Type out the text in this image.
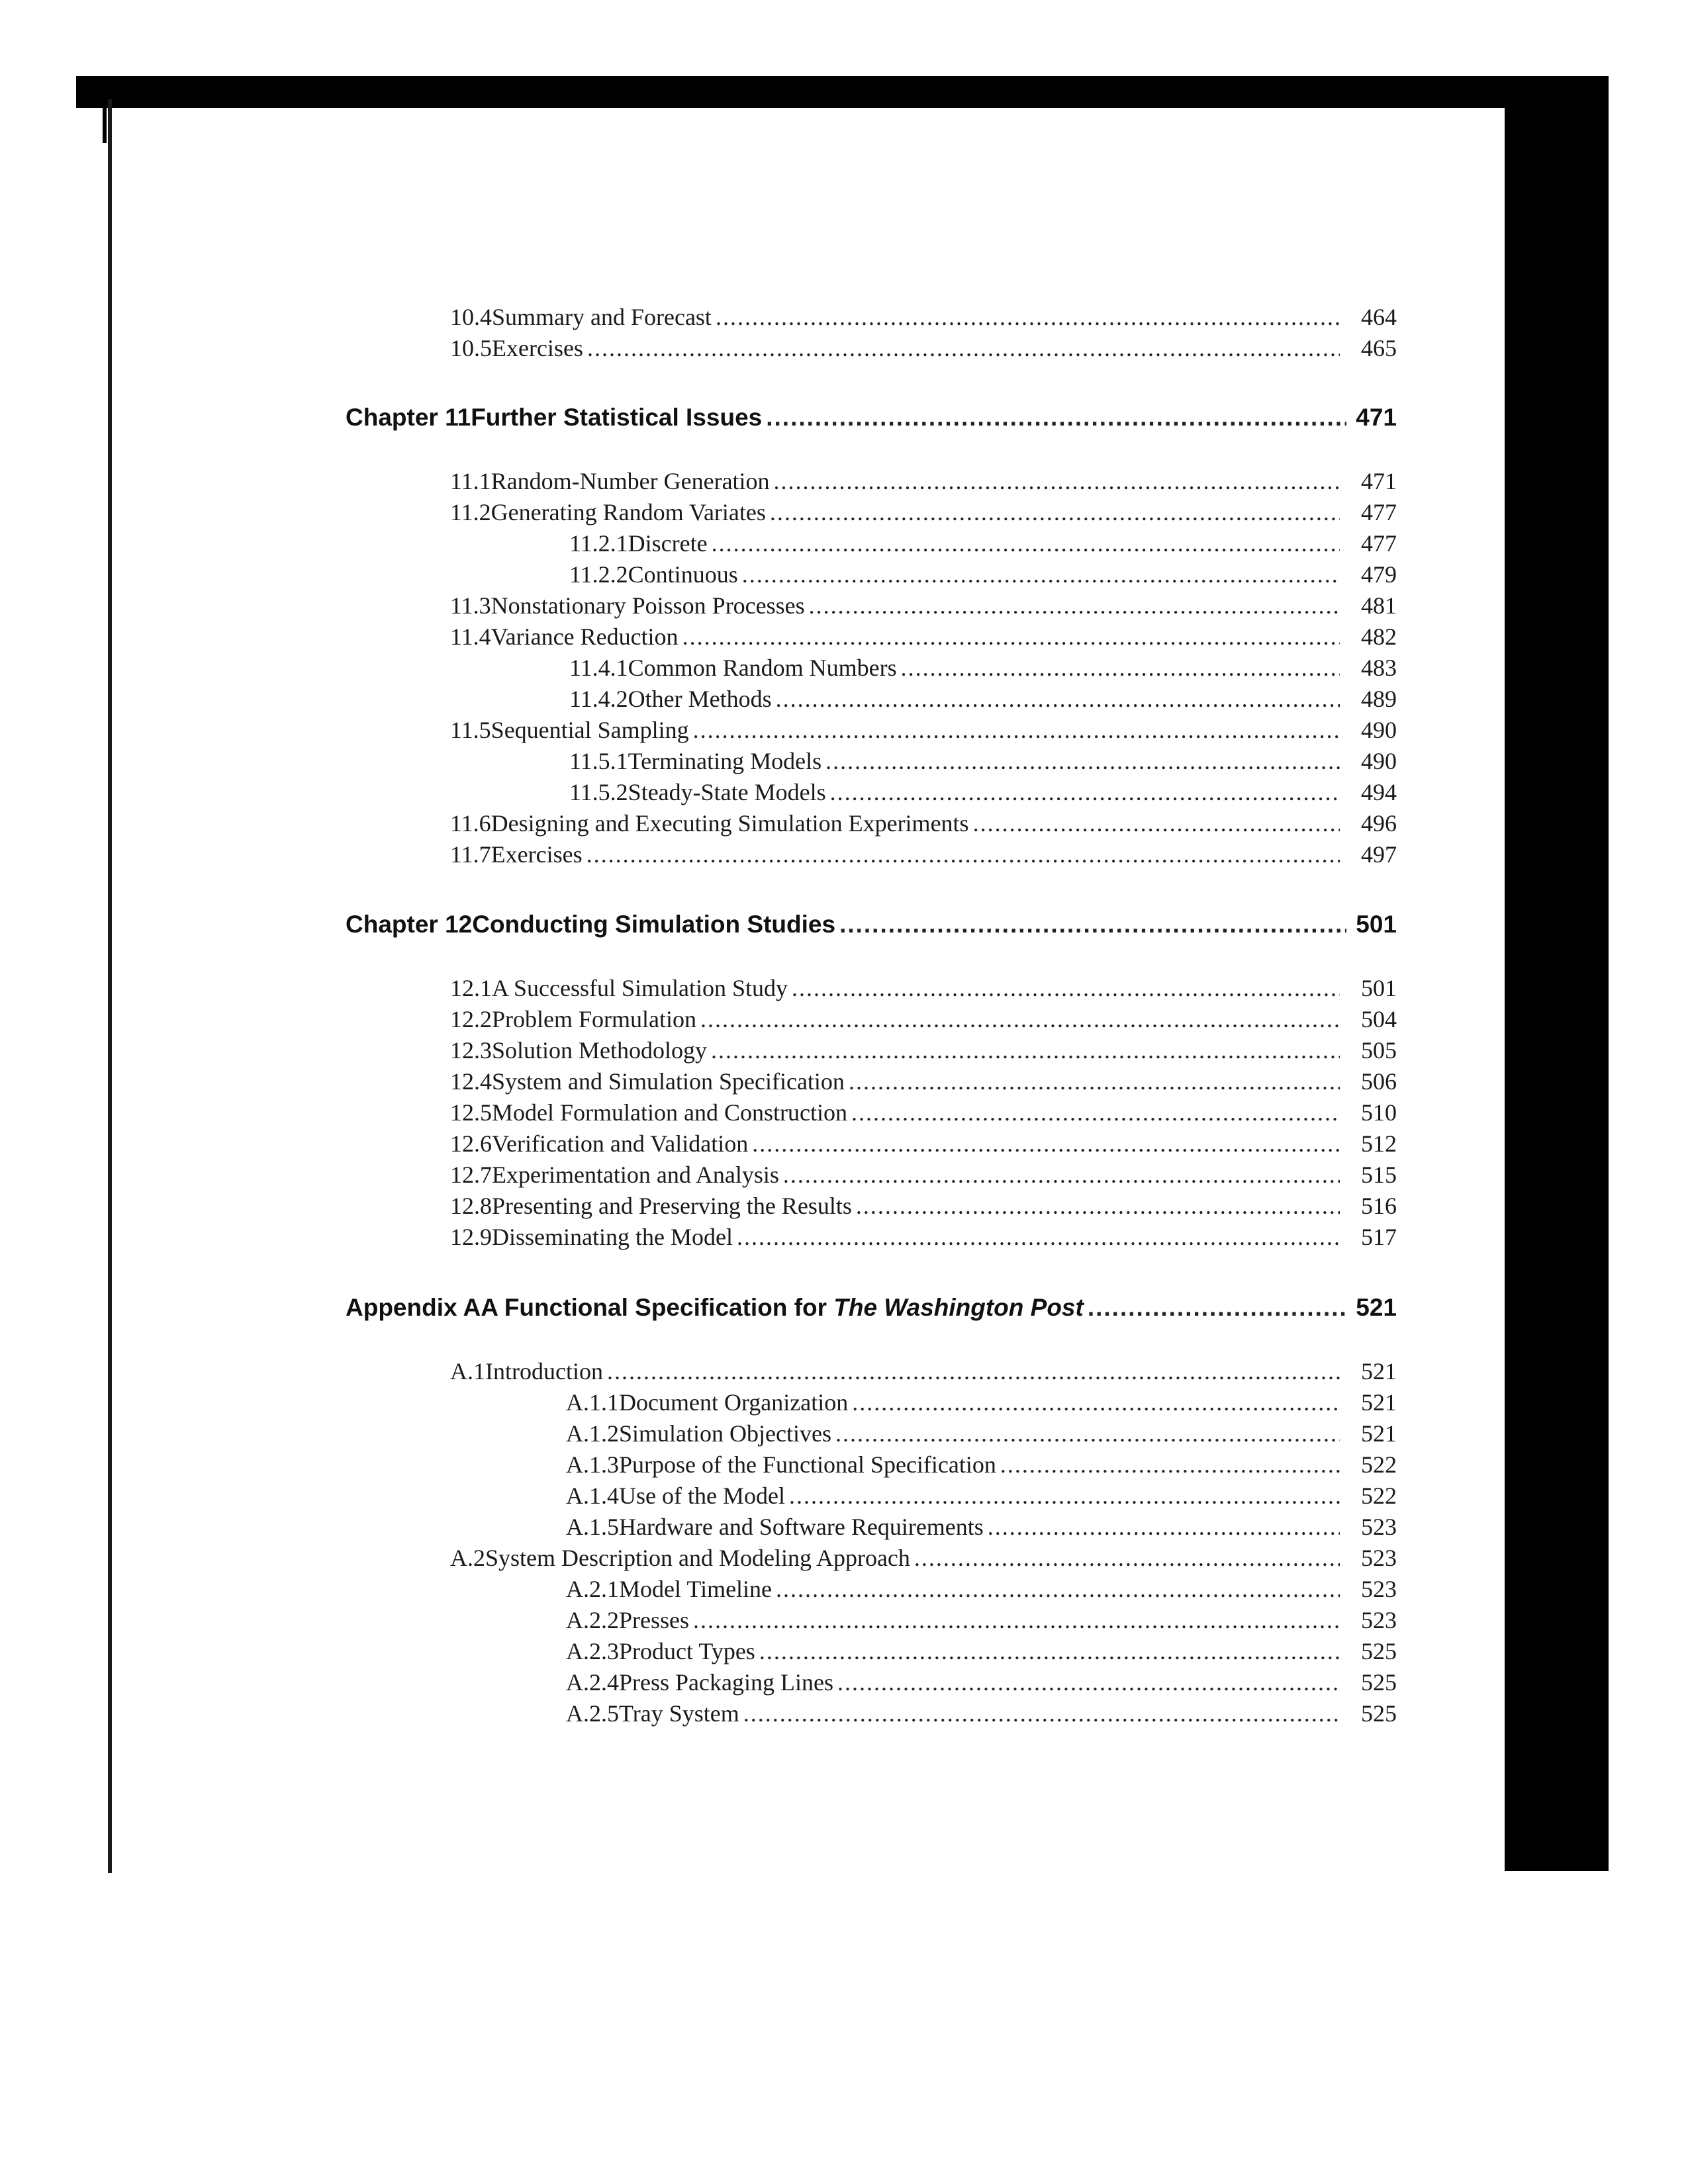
10.4 Summary and Forecast .....	464
10.5 Exercises .....	465
Chapter 11 Further Statistical Issues .....	471
11.1 Random-Number Generation .....	471
11.2 Generating Random Variates .....	477
11.2.1 Discrete .....	477
11.2.2 Continuous .....	479
11.3 Nonstationary Poisson Processes .....	481
11.4 Variance Reduction .....	482
11.4.1 Common Random Numbers .....	483
11.4.2 Other Methods .....	489
11.5 Sequential Sampling .....	490
11.5.1 Terminating Models .....	490
11.5.2 Steady-State Models .....	494
11.6 Designing and Executing Simulation Experiments .....	496
11.7 Exercises .....	497
Chapter 12 Conducting Simulation Studies .....	501
12.1 A Successful Simulation Study .....	501
12.2 Problem Formulation .....	504
12.3 Solution Methodology .....	505
12.4 System and Simulation Specification .....	506
12.5 Model Formulation and Construction .....	510
12.6 Verification and Validation .....	512
12.7 Experimentation and Analysis .....	515
12.8 Presenting and Preserving the Results .....	516
12.9 Disseminating the Model .....	517
Appendix A A Functional Specification for The Washington Post .....	521
A.1 Introduction .....	521
A.1.1 Document Organization .....	521
A.1.2 Simulation Objectives .....	521
A.1.3 Purpose of the Functional Specification .....	522
A.1.4 Use of the Model .....	522
A.1.5 Hardware and Software Requirements .....	523
A.2 System Description and Modeling Approach .....	523
A.2.1 Model Timeline .....	523
A.2.2 Presses .....	523
A.2.3 Product Types .....	525
A.2.4 Press Packaging Lines .....	525
A.2.5 Tray System .....	525
